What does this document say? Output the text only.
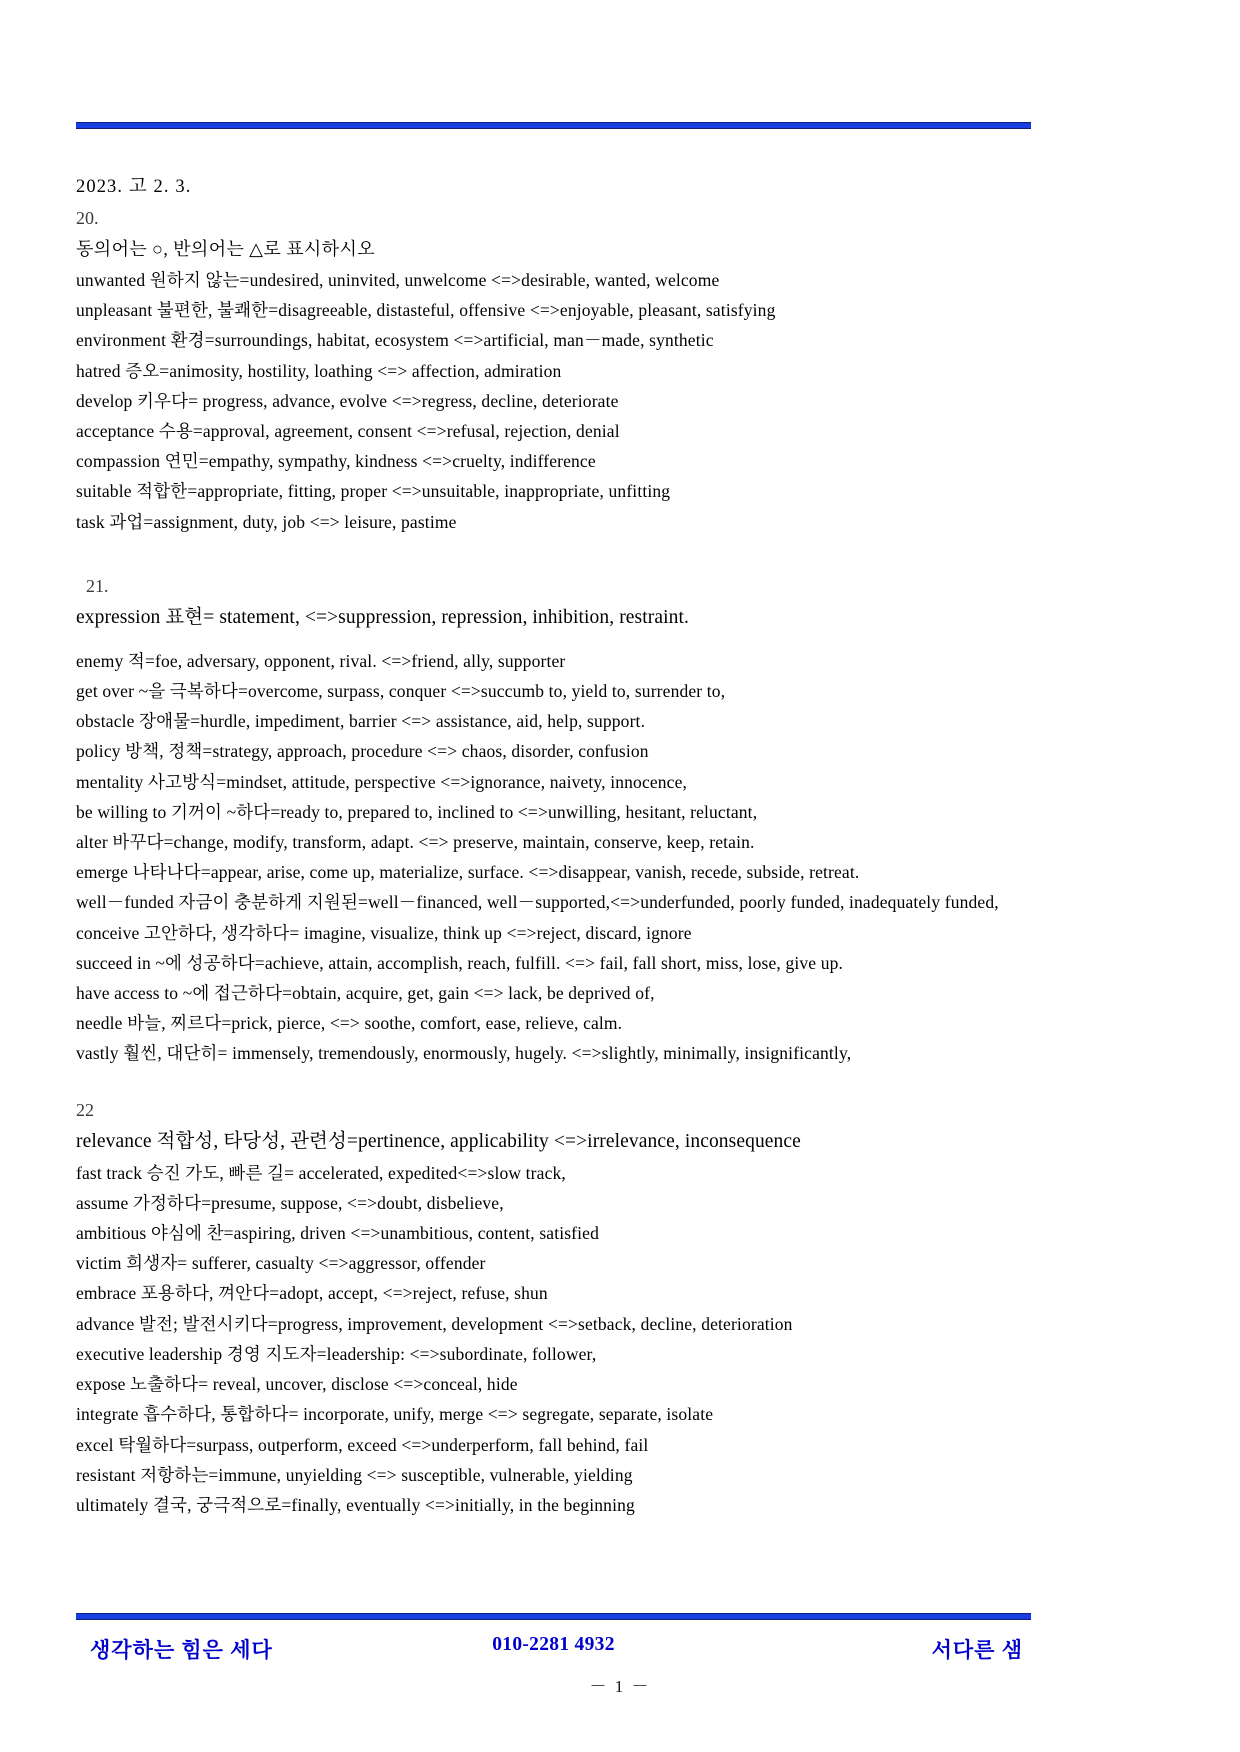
2023. 고 2. 3.
20.
동의어는 ○, 반의어는 △로 표시하시오
unwanted 원하지 않는=undesired, uninvited, unwelcome <=>desirable, wanted, welcome
unpleasant 불편한, 불쾌한=disagreeable, distasteful, offensive <=>enjoyable, pleasant, satisfying
environment 환경=surroundings, habitat, ecosystem <=>artificial, man－made, synthetic
hatred 증오=animosity, hostility, loathing <=> affection, admiration
develop 키우다= progress, advance, evolve <=>regress, decline, deteriorate
acceptance 수용=approval, agreement, consent <=>refusal, rejection, denial
compassion 연민=empathy, sympathy, kindness <=>cruelty, indifference
suitable 적합한=appropriate, fitting, proper <=>unsuitable, inappropriate, unfitting
task 과업=assignment, duty, job <=> leisure, pastime
21.
expression 표현= statement, <=>suppression, repression, inhibition, restraint.
enemy 적=foe, adversary, opponent, rival. <=>friend, ally, supporter
get over ~을 극복하다=overcome, surpass, conquer <=>succumb to, yield to, surrender to,
obstacle 장애물=hurdle, impediment, barrier <=> assistance, aid, help, support.
policy 방책, 정책=strategy, approach, procedure <=> chaos, disorder, confusion
mentality 사고방식=mindset, attitude, perspective <=>ignorance, naivety, innocence,
be willing to 기꺼이 ~하다=ready to, prepared to, inclined to <=>unwilling, hesitant, reluctant,
alter 바꾸다=change, modify, transform, adapt. <=> preserve, maintain, conserve, keep, retain.
emerge 나타나다=appear, arise, come up, materialize, surface. <=>disappear, vanish, recede, subside, retreat.
well－funded 자금이 충분하게 지원된=well－financed, well－supported,<=>underfunded, poorly funded, inadequately funded,
conceive 고안하다, 생각하다= imagine, visualize, think up <=>reject, discard, ignore
succeed in ~에 성공하다=achieve, attain, accomplish, reach, fulfill. <=> fail, fall short, miss, lose, give up.
have access to ~에 접근하다=obtain, acquire, get, gain <=> lack, be deprived of,
needle 바늘, 찌르다=prick, pierce, <=> soothe, comfort, ease, relieve, calm.
vastly 훨씬, 대단히= immensely, tremendously, enormously, hugely. <=>slightly, minimally, insignificantly,
22
relevance 적합성, 타당성, 관련성=pertinence, applicability <=>irrelevance, inconsequence
fast track 승진 가도, 빠른 길= accelerated, expedited<=>slow track,
assume 가정하다=presume, suppose, <=>doubt, disbelieve,
ambitious 야심에 찬=aspiring, driven <=>unambitious, content, satisfied
victim 희생자= sufferer, casualty <=>aggressor, offender
embrace 포용하다, 껴안다=adopt, accept, <=>reject, refuse, shun
advance 발전; 발전시키다=progress, improvement, development <=>setback, decline, deterioration
executive leadership 경영 지도자=leadership: <=>subordinate, follower,
expose 노출하다= reveal, uncover, disclose <=>conceal, hide
integrate 흡수하다, 통합하다= incorporate, unify, merge <=> segregate, separate, isolate
excel 탁월하다=surpass, outperform, exceed <=>underperform, fall behind, fail
resistant 저항하는=immune, unyielding <=> susceptible, vulnerable, yielding
ultimately 결국, 궁극적으로=finally, eventually <=>initially, in the beginning
생각하는 힘은 세다	010-2281 4932	서다른 샘
－ 1 －
